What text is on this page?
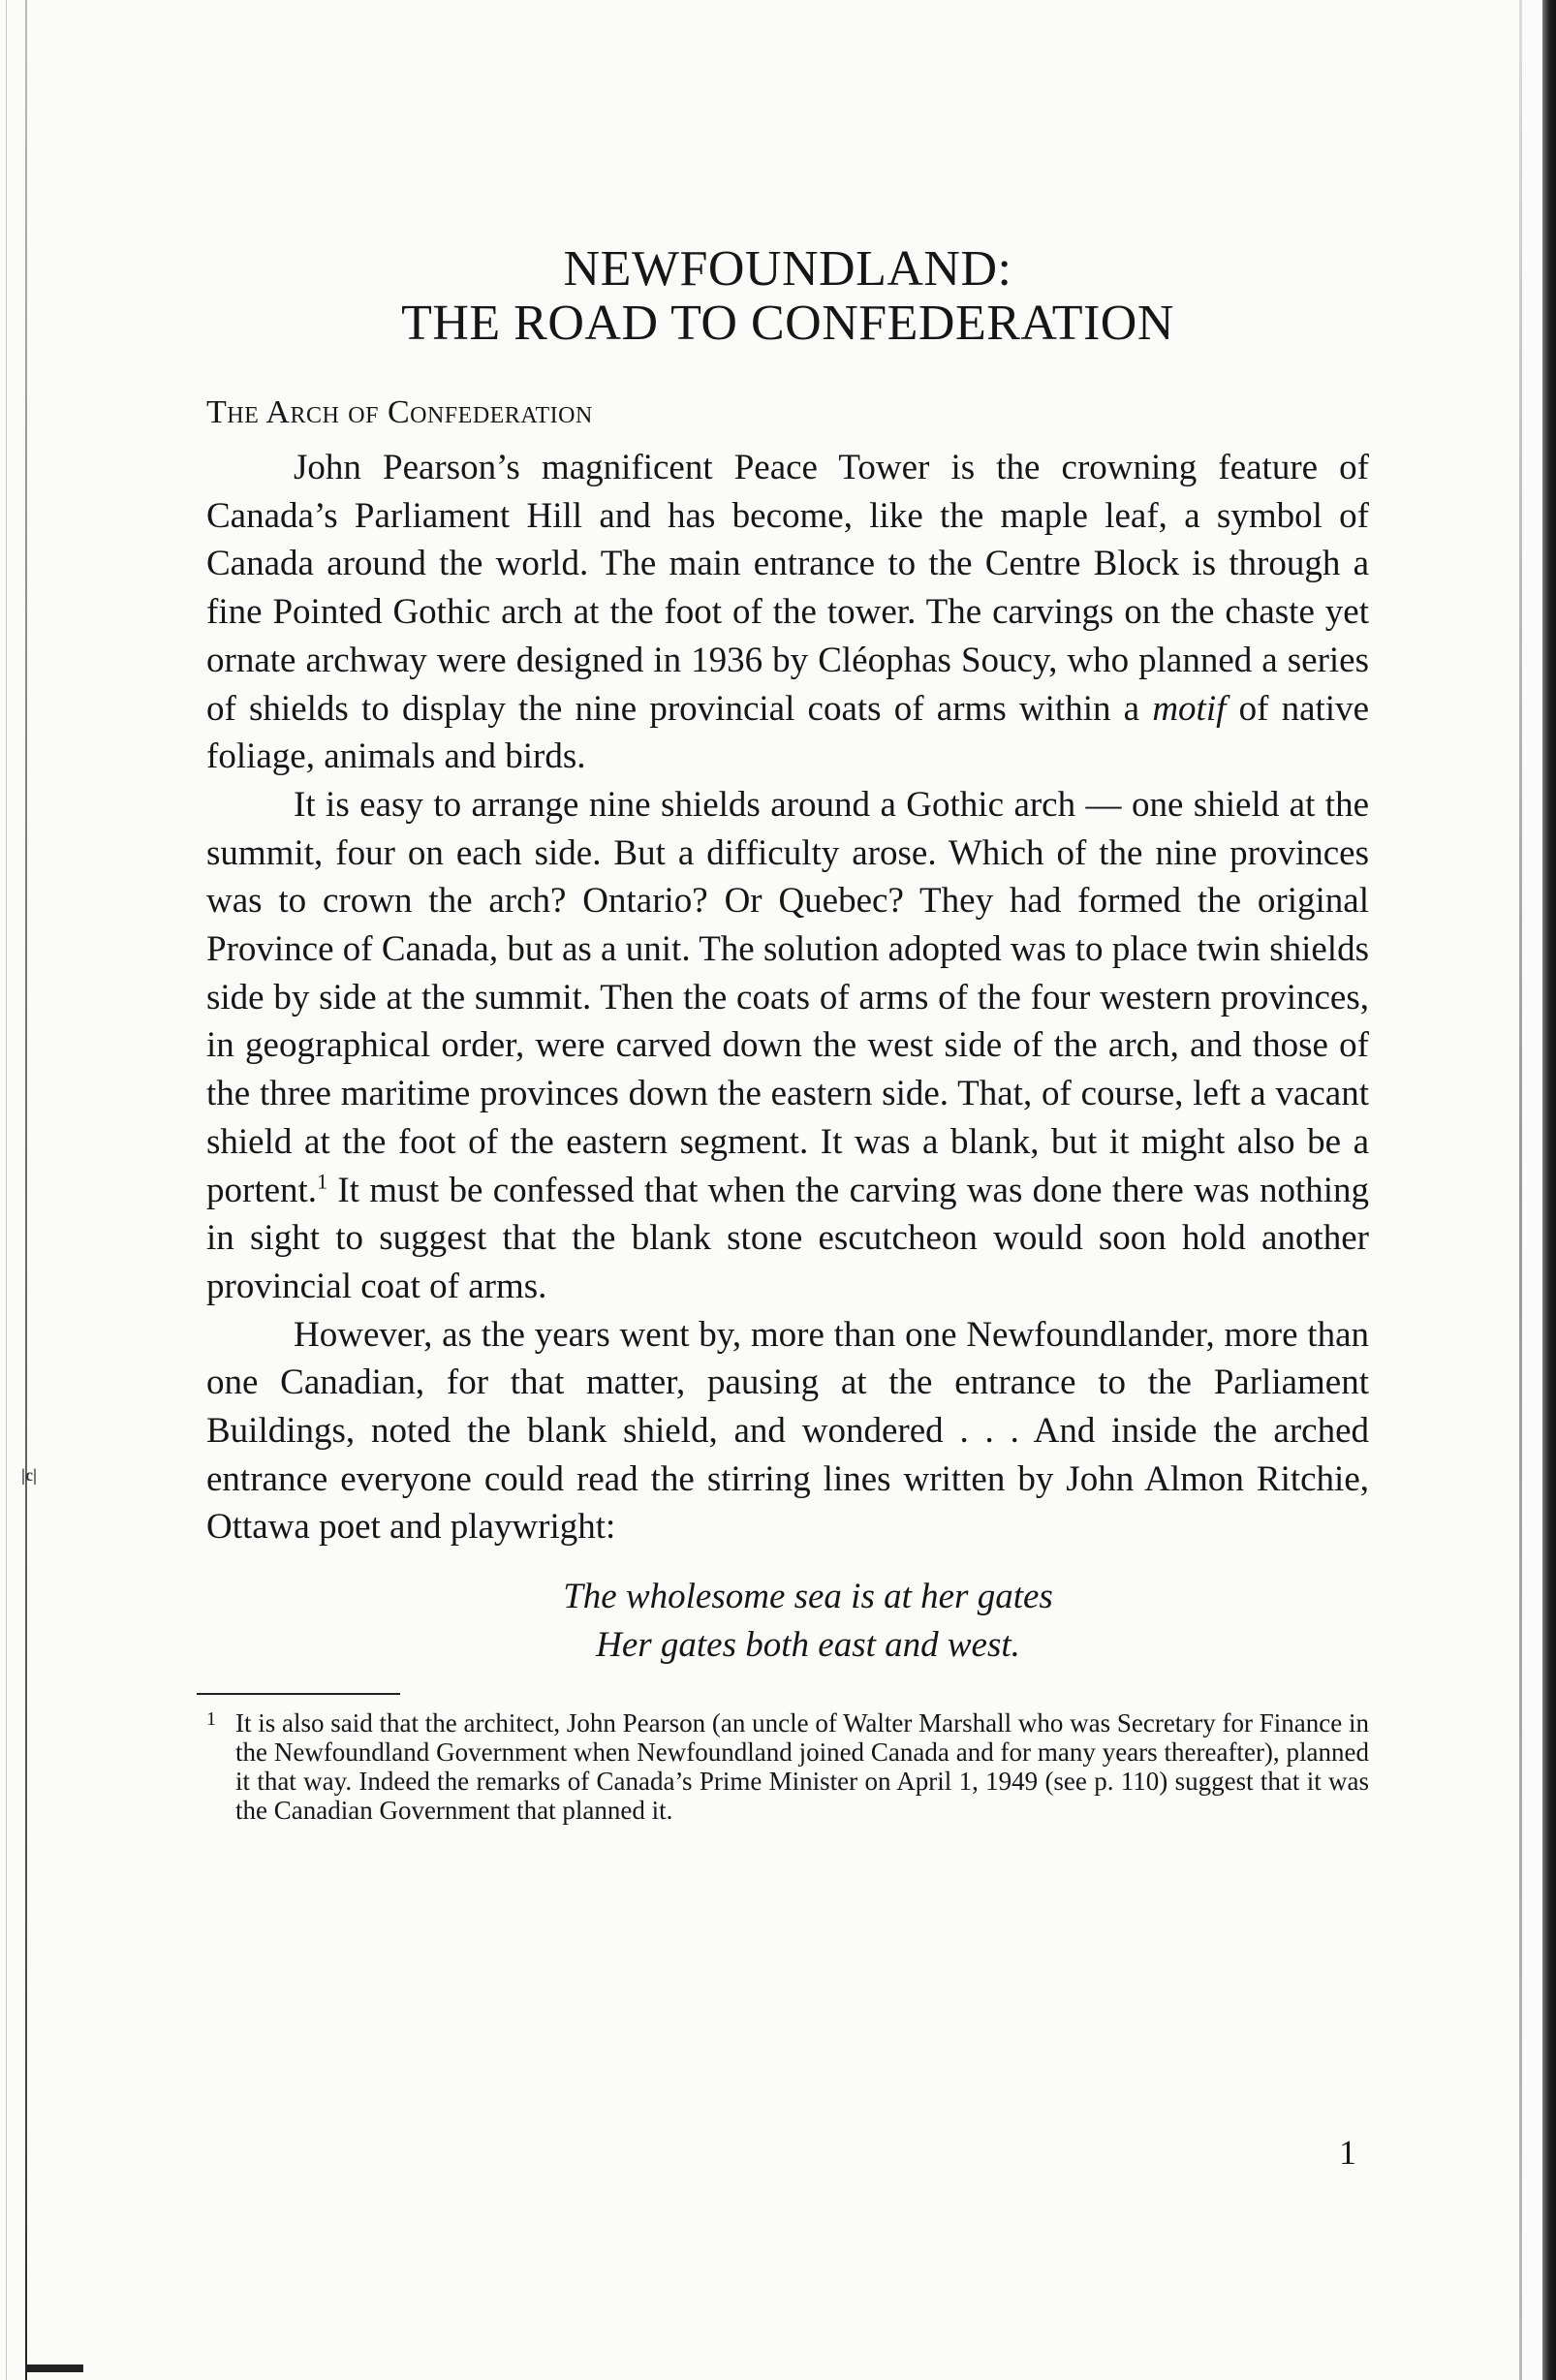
|c|
NEWFOUNDLAND:
THE ROAD TO CONFEDERATION
The Arch of Confederation

John Pearson’s magnificent Peace Tower is the crowning feature of Canada’s Parliament Hill and has become, like the maple leaf, a symbol of Canada around the world. The main entrance to the Centre Block is through a fine Pointed Gothic arch at the foot of the tower. The carvings on the chaste yet ornate archway were designed in 1936 by Cléophas Soucy, who planned a series of shields to display the nine provincial coats of arms within a motif of native foliage, animals and birds.

It is easy to arrange nine shields around a Gothic arch — one shield at the summit, four on each side. But a difficulty arose. Which of the nine provinces was to crown the arch? Ontario? Or Quebec? They had formed the original Province of Canada, but as a unit. The solution adopted was to place twin shields side by side at the summit. Then the coats of arms of the four western provinces, in geographical order, were carved down the west side of the arch, and those of the three maritime provinces down the eastern side. That, of course, left a vacant shield at the foot of the eastern segment. It was a blank, but it might also be a portent.$^1$ It must be confessed that when the carving was done there was nothing in sight to suggest that the blank stone escutcheon would soon hold another provincial coat of arms.

However, as the years went by, more than one Newfoundlander, more than one Canadian, for that matter, pausing at the entrance to the Parliament Buildings, noted the blank shield, and wondered . . . And inside the arched entrance everyone could read the stirring lines written by John Almon Ritchie, Ottawa poet and playwright:

The wholesome sea is at her gates
Her gates both east and west.
1 It is also said that the architect, John Pearson (an uncle of Walter Marshall who was Secretary for Finance in the Newfoundland Government when Newfoundland joined Canada and for many years thereafter), planned it that way. Indeed the remarks of Canada’s Prime Minister on April 1, 1949 (see p. 110) suggest that it was the Canadian Government that planned it.
1
